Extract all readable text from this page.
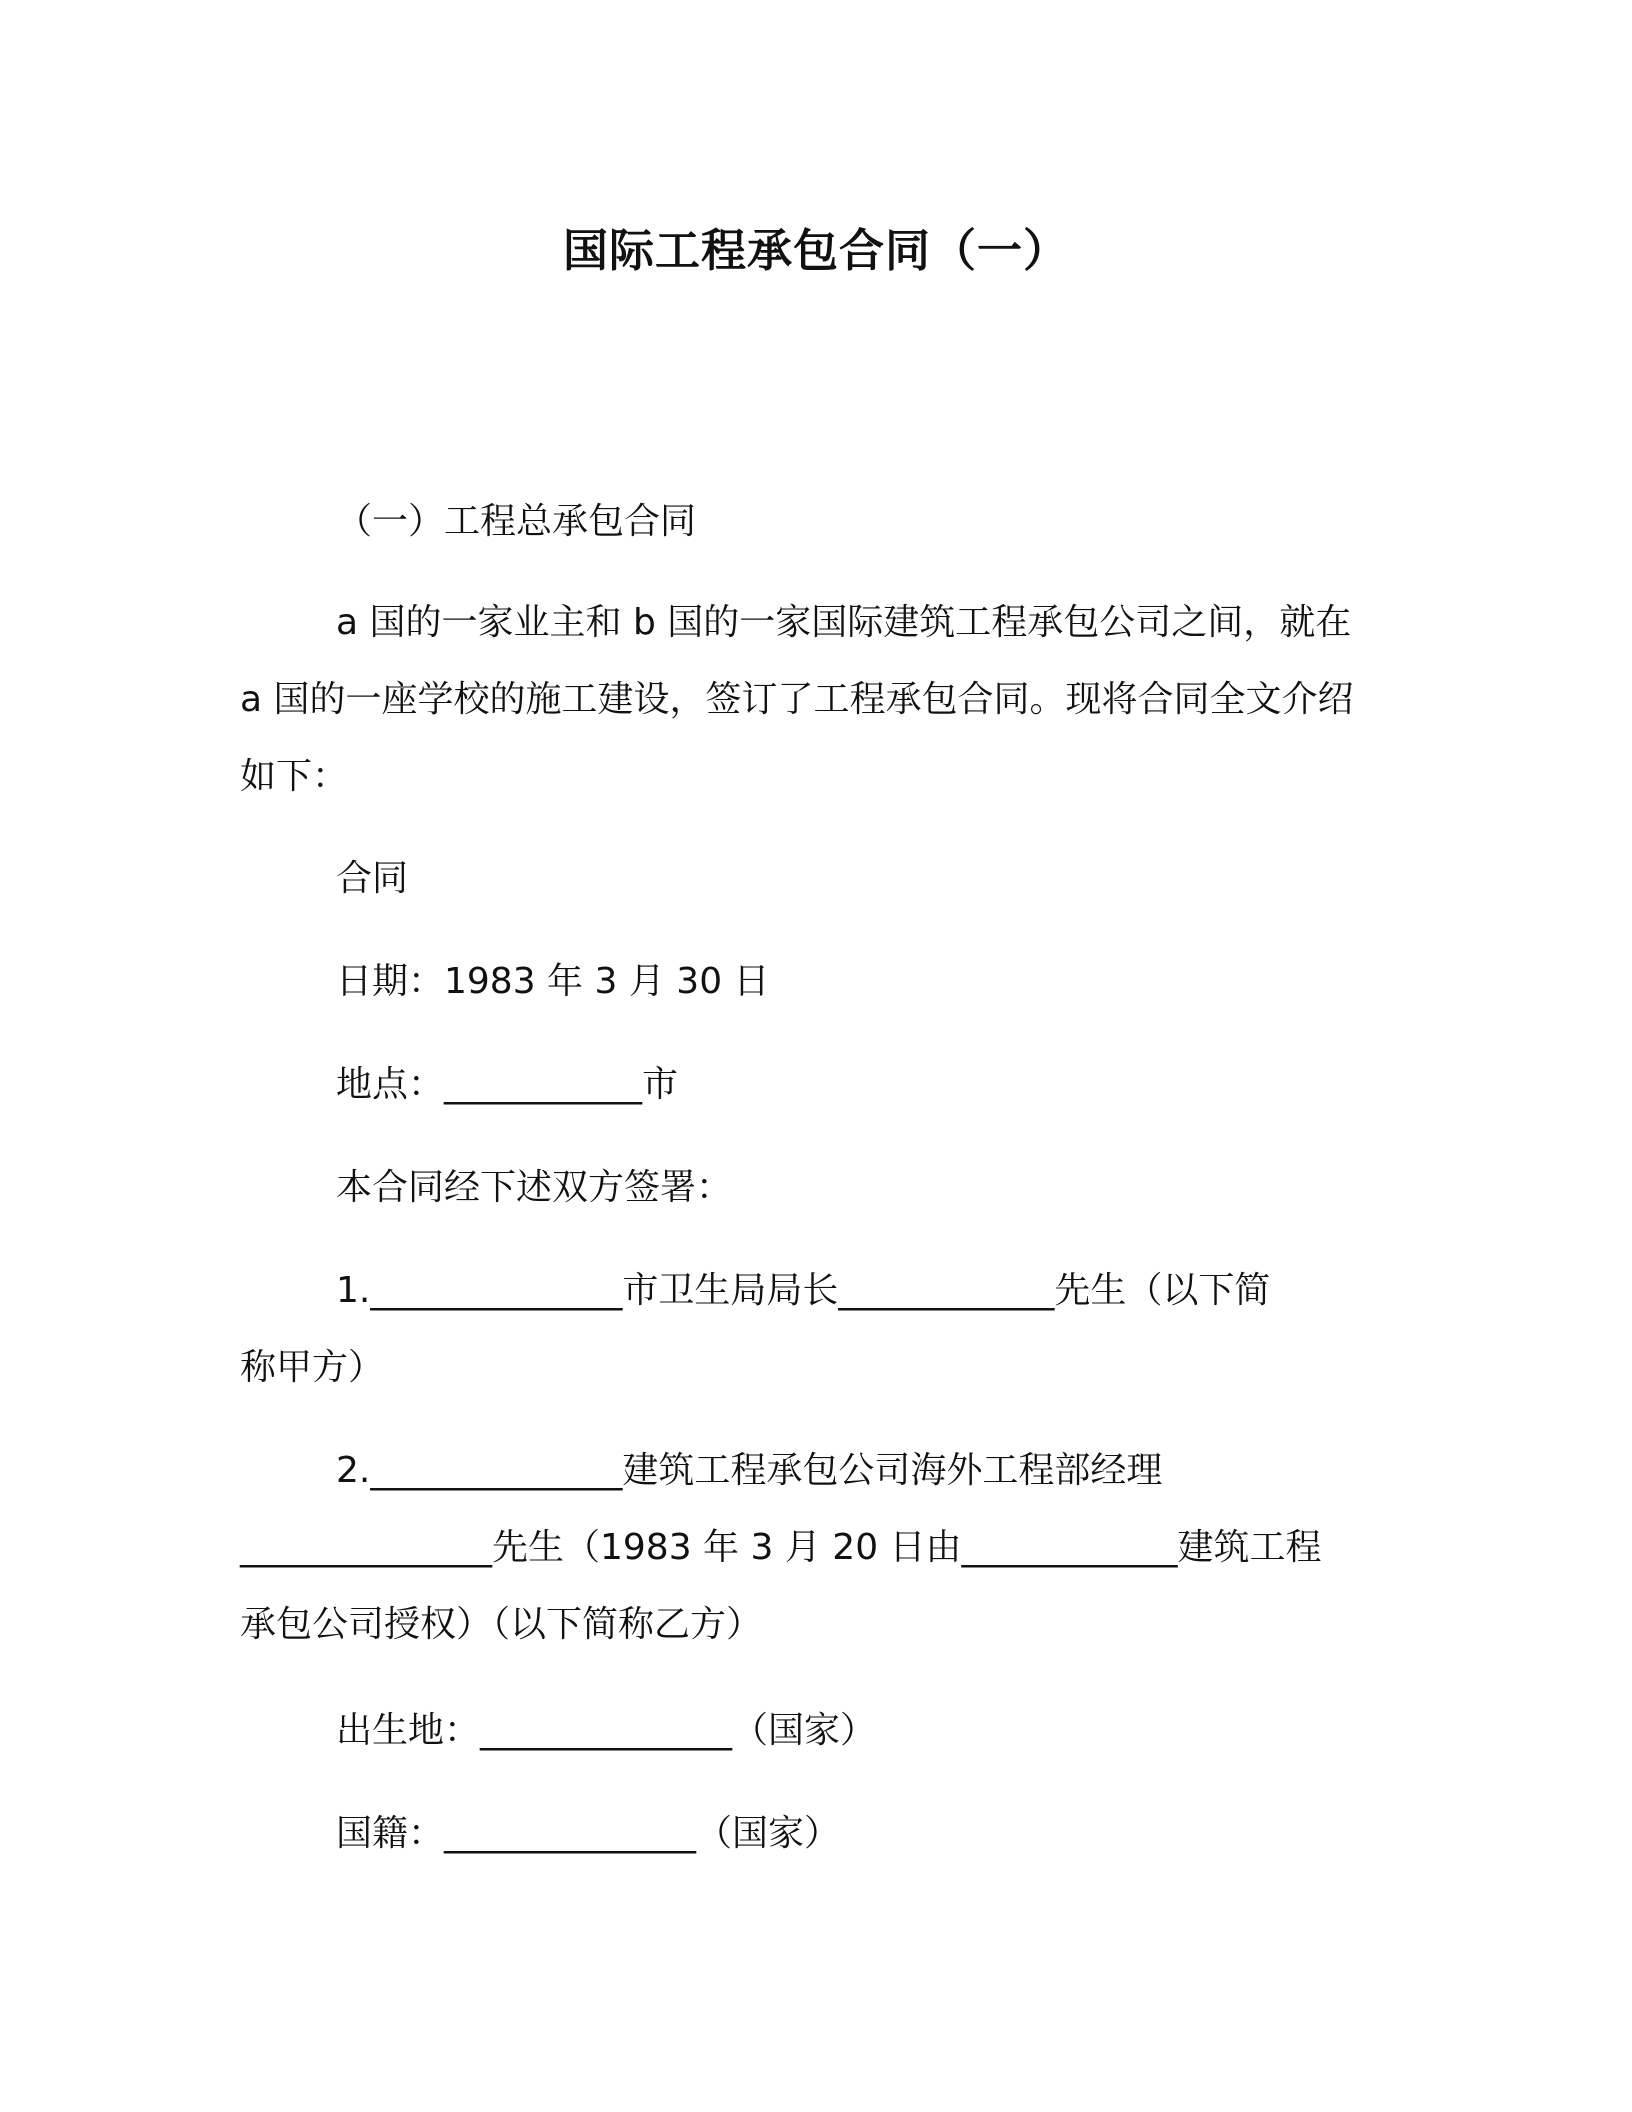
国际工程承包合同（一）
（一）工程总承包合同
a 国的一家业主和 b 国的一家国际建筑工程承包公司之间，就在
a 国的一座学校的施工建设，签订了工程承包合同。现将合同全文介绍
如下：
合同
日期：1983 年 3 月 30 日
地点：___________市
本合同经下述双方签署：
1.______________市卫生局局长____________先生（以下简
称甲方）
2.______________建筑工程承包公司海外工程部经理
______________先生（1983 年 3 月 20 日由____________建筑工程
承包公司授权）（以下简称乙方）
出生地：______________（国家）
国籍：______________（国家）
